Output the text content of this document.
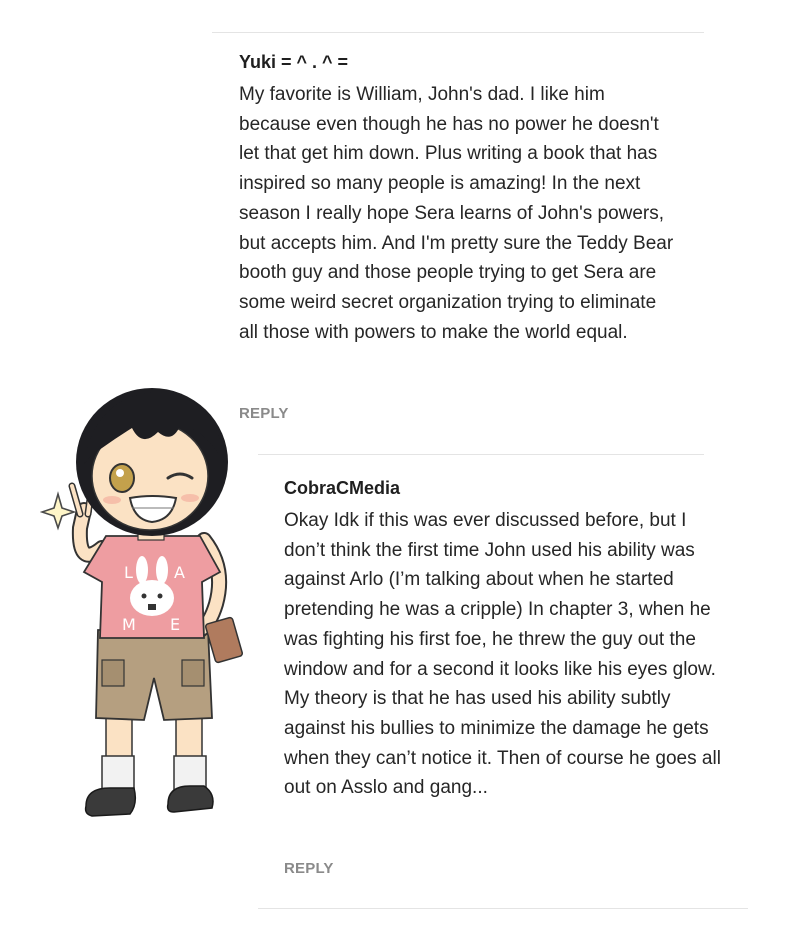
Yuki = ^ . ^ =
My favorite is William, John's dad. I like him because even though he has no power he doesn't let that get him down. Plus writing a book that has inspired so many people is amazing! In the next season I really hope Sera learns of John's powers, but accepts him. And I'm pretty sure the Teddy Bear booth guy and those people trying to get Sera are some weird secret organization trying to eliminate all those with powers to make the world equal.
REPLY
CobraCMedia
Okay Idk if this was ever discussed before, but I don’t think the first time John used his ability was against Arlo (I’m talking about when he started pretending he was a cripple) In chapter 3, when he was fighting his first foe, he threw the guy out the window and for a second it looks like his eyes glow. My theory is that he has used his ability subtly against his bullies to minimize the damage he gets when they can’t notice it. Then of course he goes all out on Asslo and gang...
REPLY
L	A
M E
